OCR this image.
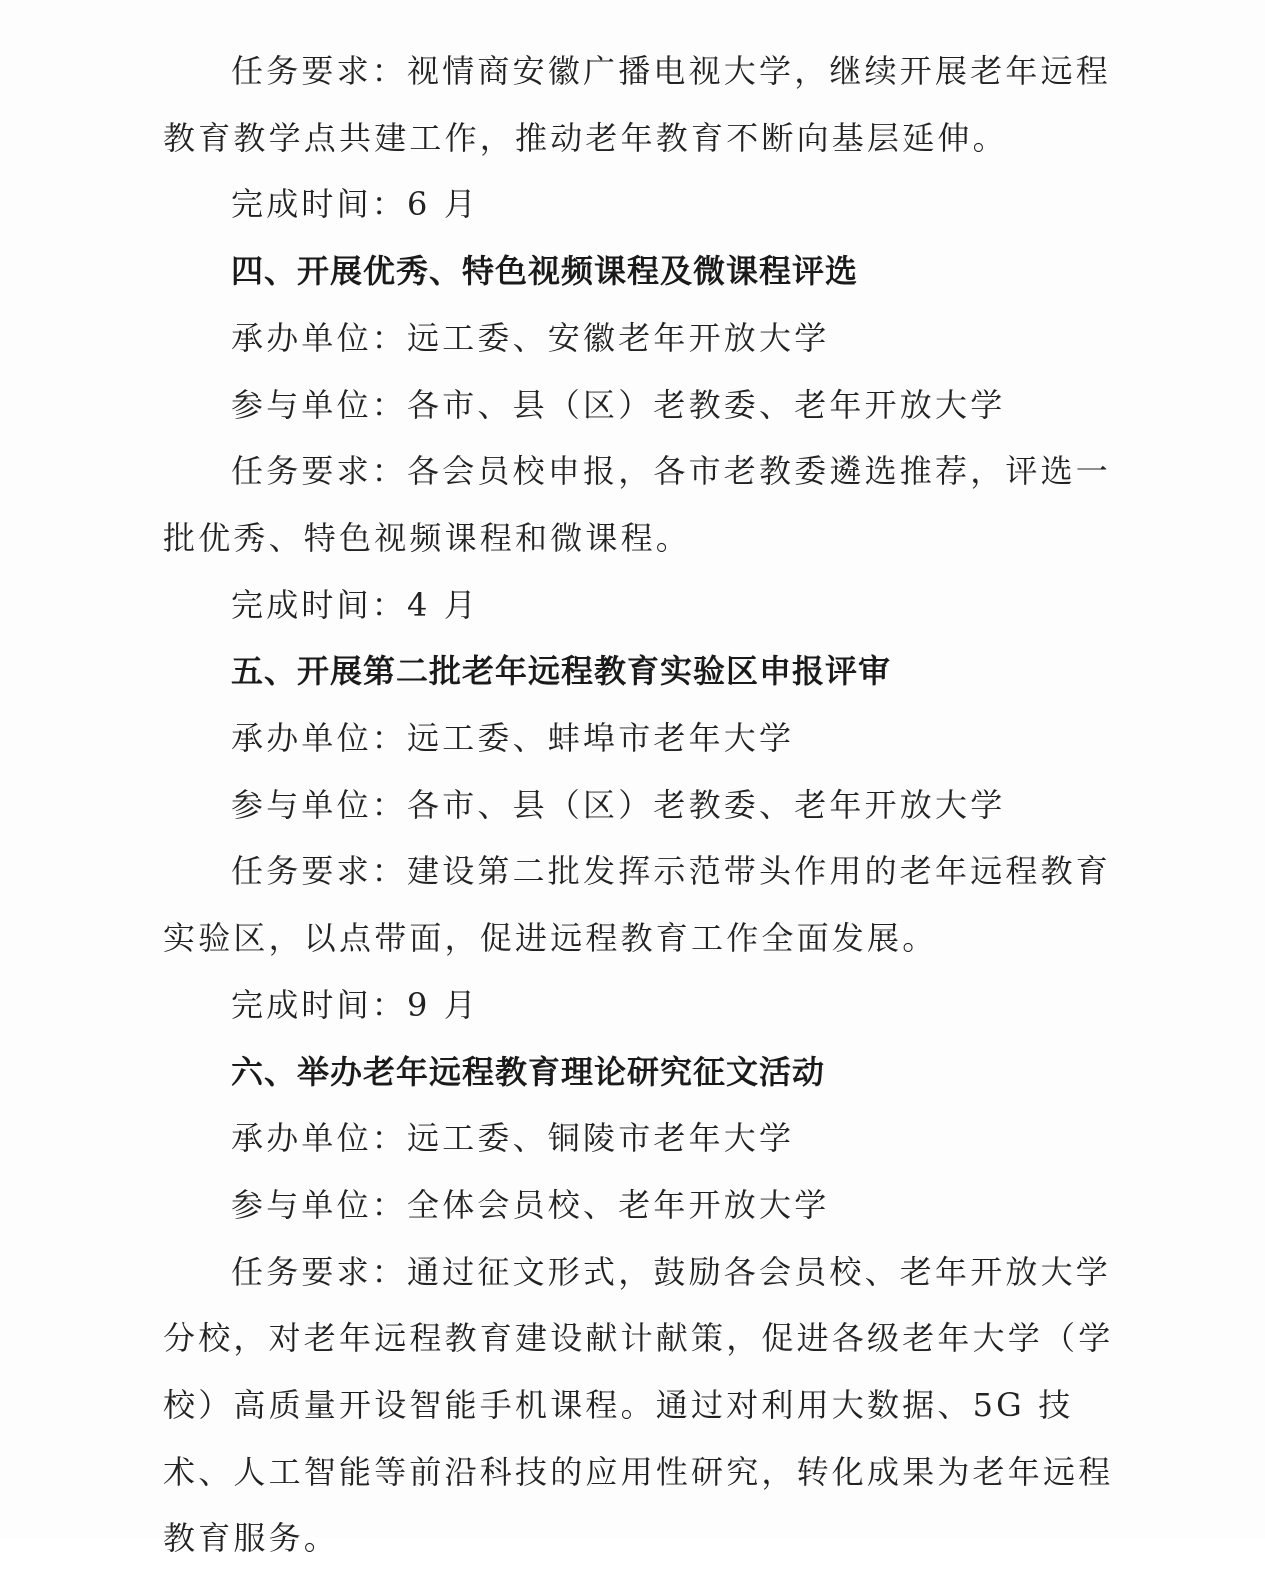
任务要求：视情商安徽广播电视大学，继续开展老年远程教育教学点共建工作，推动老年教育不断向基层延伸。

完成时间：6 月

四、开展优秀、特色视频课程及微课程评选

承办单位：远工委、安徽老年开放大学

参与单位：各市、县（区）老教委、老年开放大学

任务要求：各会员校申报，各市老教委遴选推荐，评选一批优秀、特色视频课程和微课程。

完成时间：4 月

五、开展第二批老年远程教育实验区申报评审

承办单位：远工委、蚌埠市老年大学

参与单位：各市、县（区）老教委、老年开放大学

任务要求：建设第二批发挥示范带头作用的老年远程教育实验区，以点带面，促进远程教育工作全面发展。

完成时间：9 月

六、举办老年远程教育理论研究征文活动

承办单位：远工委、铜陵市老年大学

参与单位：全体会员校、老年开放大学

任务要求：通过征文形式，鼓励各会员校、老年开放大学分校，对老年远程教育建设献计献策，促进各级老年大学（学校）高质量开设智能手机课程。通过对利用大数据、5G 技术、人工智能等前沿科技的应用性研究，转化成果为老年远程教育服务。
